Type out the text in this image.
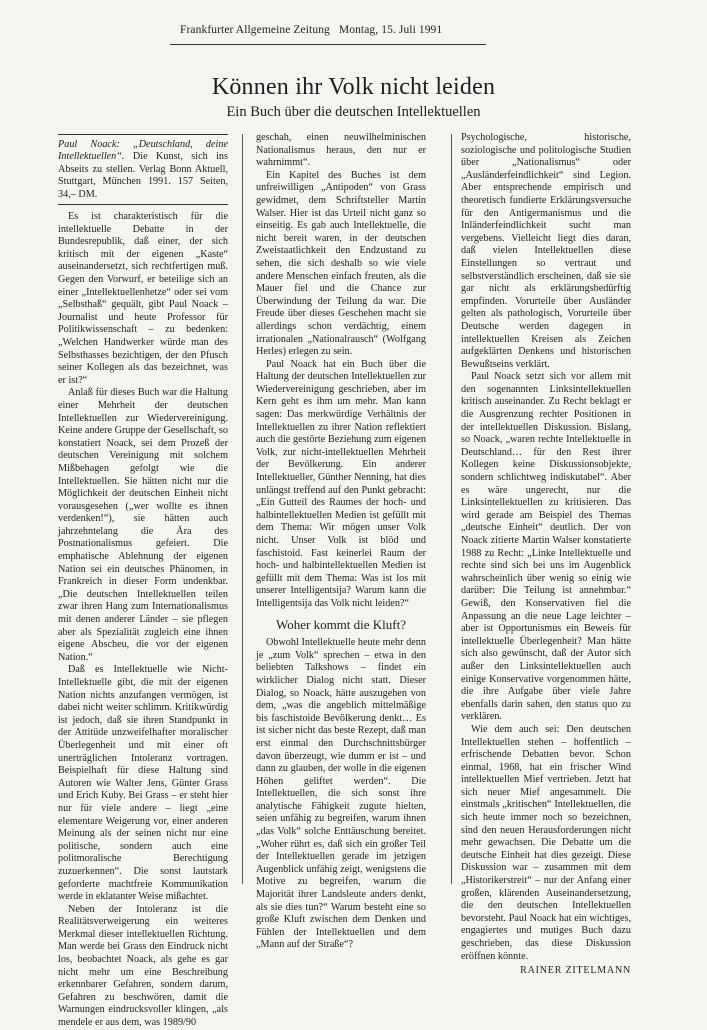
Frankfurter Allgemeine Zeitung Montag, 15. Juli 1991
Können ihr Volk nicht leiden
Ein Buch über die deutschen Intellektuellen
Paul Noack: „Deutschland, deine Intellektuellen“. Die Kunst, sich ins Abseits zu stellen. Verlag Bonn Aktuell, Stuttgart, München 1991. 157 Seiten, 34,– DM.

Es ist charakteristisch für die intellektuelle Debatte in der Bundesrepublik, daß einer, der sich kritisch mit der eigenen „Kaste“ auseinandersetzt, sich rechtfertigen muß. Gegen den Vorwurf, er beteilige sich an einer „Intellektuellenhetze“ oder sei vom „Selbsthaß“ gequält, gibt Paul Noack – Journalist und heute Professor für Politikwissenschaft – zu bedenken: „Welchen Handwerker würde man des Selbsthasses bezichtigen, der den Pfusch seiner Kollegen als das bezeichnet, was er ist?“

Anlaß für dieses Buch war die Haltung einer Mehrheit der deutschen Intellektuellen zur Wiedervereinigung. Keine andere Gruppe der Gesellschaft, so konstatiert Noack, sei dem Prozeß der deutschen Vereinigung mit solchem Mißbehagen gefolgt wie die Intellektuellen. Sie hätten nicht nur die Möglichkeit der deutschen Einheit nicht vorausgesehen („wer wollte es ihnen verdenken!“), sie hätten auch jahrzehntelang die Ära des Postnationalismus gefeiert. Die emphatische Ablehnung der eigenen Nation sei ein deutsches Phänomen, in Frankreich in dieser Form undenkbar. „Die deutschen Intellektuellen teilen zwar ihren Hang zum Internationalismus mit denen anderer Länder – sie pflegen aber als Spezialität zugleich eine ihnen eigene Abscheu, die vor der eigenen Nation.“

Daß es Intellektuelle wie Nicht-Intellektuelle gibt, die mit der eigenen Nation nichts anzufangen vermögen, ist dabei nicht weiter schlimm. Kritikwürdig ist jedoch, daß sie ihren Standpunkt in der Attitüde unzweifelhafter moralischer Überlegenheit und mit einer oft unerträglichen Intoleranz vortragen. Beispielhaft für diese Haltung sind Autoren wie Walter Jens, Günter Grass und Erich Kuby. Bei Grass – er steht hier nur für viele andere – liegt „eine elementare Weigerung vor, einer anderen Meinung als der seinen nicht nur eine politische, sondern auch eine politmoralische Berechtigung zuzuerkennen“. Die sonst lautstark geforderte machtfreie Kommunikation werde in eklatanter Weise mißachtet.

Neben der Intoleranz ist die Realitätsverweigerung ein weiteres Merkmal dieser intellektuellen Richtung. Man werde bei Grass den Eindruck nicht los, beobachtet Noack, als gehe es gar nicht mehr um eine Beschreibung erkennbarer Gefahren, sondern darum, Gefahren zu beschwören, damit die Warnungen eindrucksvoller klingen, „als mendele er aus dem, was 1989/90

geschah, einen neuwilhelminischen Nationalismus heraus, den nur er wahrnimmt“.

Ein Kapitel des Buches ist dem unfreiwilligen „Antipoden“ von Grass gewidmet, dem Schriftsteller Martin Walser. Hier ist das Urteil nicht ganz so einseitig. Es gab auch Intellektuelle, die nicht bereit waren, in der deutschen Zweistaatlichkeit den Endzustand zu sehen, die sich deshalb so wie viele andere Menschen einfach freuten, als die Mauer fiel und die Chance zur Überwindung der Teilung da war. Die Freude über dieses Geschehen macht sie allerdings schon verdächtig, einem irrationalen „Nationalrausch“ (Wolfgang Herles) erlegen zu sein.

Paul Noack hat ein Buch über die Haltung der deutschen Intellektuellen zur Wiedervereinigung geschrieben, aber im Kern geht es ihm um mehr. Man kann sagen: Das merkwürdige Verhältnis der Intellektuellen zu ihrer Nation reflektiert auch die gestörte Beziehung zum eigenen Volk, zur nicht-intellektuellen Mehrheit der Bevölkerung. Ein anderer Intellektueller, Günther Nenning, hat dies unlängst treffend auf den Punkt gebracht: „Ein Gutteil des Raumes der hoch- und halbintellektuellen Medien ist gefüllt mit dem Thema: Wir mögen unser Volk nicht. Unser Volk ist blöd und faschistoid. Fast keinerlei Raum der hoch- und halbintellektuellen Medien ist gefüllt mit dem Thema: Was ist los mit unserer Intelligentsija? Warum kann die Intelligentsija das Volk nicht leiden?“

Woher kommt die Kluft?

Obwohl Intellektuelle heute mehr denn je „zum Volk“ sprechen – etwa in den beliebten Talkshows – findet ein wirklicher Dialog nicht statt. Dieser Dialog, so Noack, hätte auszugehen von dem, „was die angeblich mittelmäßige bis faschistoide Bevölkerung denkt… Es ist sicher nicht das beste Rezept, daß man erst einmal den Durchschnittsbürger davon überzeugt, wie dumm er ist – und dann zu glauben, der wolle in die eigenen Höhen geliftet werden“. Die Intellektuellen, die sich sonst ihre analytische Fähigkeit zugute hielten, seien unfähig zu begreifen, warum ihnen „das Volk“ solche Enttäuschung bereitet. „Woher rührt es, daß sich ein großer Teil der Intellektuellen gerade im jetzigen Augenblick unfähig zeigt, wenigstens die Motive zu begreifen, warum die Majorität ihrer Landsleute anders denkt, als sie dies tun?“ Warum besteht eine so große Kluft zwischen dem Denken und Fühlen der Intellektuellen und dem „Mann auf der Straße“?

Psychologische, historische, soziologische und politologische Studien über „Nationalismus“ oder „Ausländerfeindlichkeit“ sind Legion. Aber entsprechende empirisch und theoretisch fundierte Erklärungsversuche für den Antigermanismus und die Inländerfeindlichkeit sucht man vergebens. Vielleicht liegt dies daran, daß vielen Intellektuellen diese Einstellungen so vertraut und selbstverständlich erscheinen, daß sie sie gar nicht als erklärungsbedürftig empfinden. Vorurteile über Ausländer gelten als pathologisch, Vorurteile über Deutsche werden dagegen in intellektuellen Kreisen als Zeichen aufgeklärten Denkens und historischen Bewußtseins verklärt.

Paul Noack setzt sich vor allem mit den sogenannten Linksintellektuellen kritisch auseinander. Zu Recht beklagt er die Ausgrenzung rechter Positionen in der intellektuellen Diskussion. Bislang, so Noack, „waren rechte Intellektuelle in Deutschland… für den Rest ihrer Kollegen keine Diskussionsobjekte, sondern schlichtweg indiskutabel“. Aber es wäre ungerecht, nur die Linksintellektuellen zu kritisieren. Das wird gerade am Beispiel des Themas „deutsche Einheit“ deutlich. Der von Noack zitierte Martin Walser konstatierte 1988 zu Recht: „Linke Intellektuelle und rechte sind sich bei uns im Augenblick wahrscheinlich über wenig so einig wie darüber: Die Teilung ist annehmbar.“ Gewiß, den Konservativen fiel die Anpassung an die neue Lage leichter – aber ist Opportunismus ein Beweis für intellektuelle Überlegenheit? Man hätte sich also gewünscht, daß der Autor sich außer den Linksintellektuellen auch einige Konservative vorgenommen hätte, die ihre Aufgabe über viele Jahre ebenfalls darin sahen, den status quo zu verklären.

Wie dem auch sei: Den deutschen Intellektuellen stehen – hoffentlich – erfrischende Debatten bevor. Schon einmal, 1968, hat ein frischer Wind intellektuellen Mief vertrieben. Jetzt hat sich neuer Mief angesammelt. Die einstmals „kritischen“ Intellektuellen, die sich heute immer noch so bezeichnen, sind den neuen Herausforderungen nicht mehr gewachsen. Die Debatte um die deutsche Einheit hat dies gezeigt. Diese Diskussion war – zusammen mit dem „Historikerstreit“ – nur der Anfang einer großen, klärenden Auseinandersetzung, die den deutschen Intellektuellen bevorsteht. Paul Noack hat ein wichtiges, engagiertes und mutiges Buch dazu geschrieben, das diese Diskussion eröffnen könnte.

RAINER ZITELMANN
